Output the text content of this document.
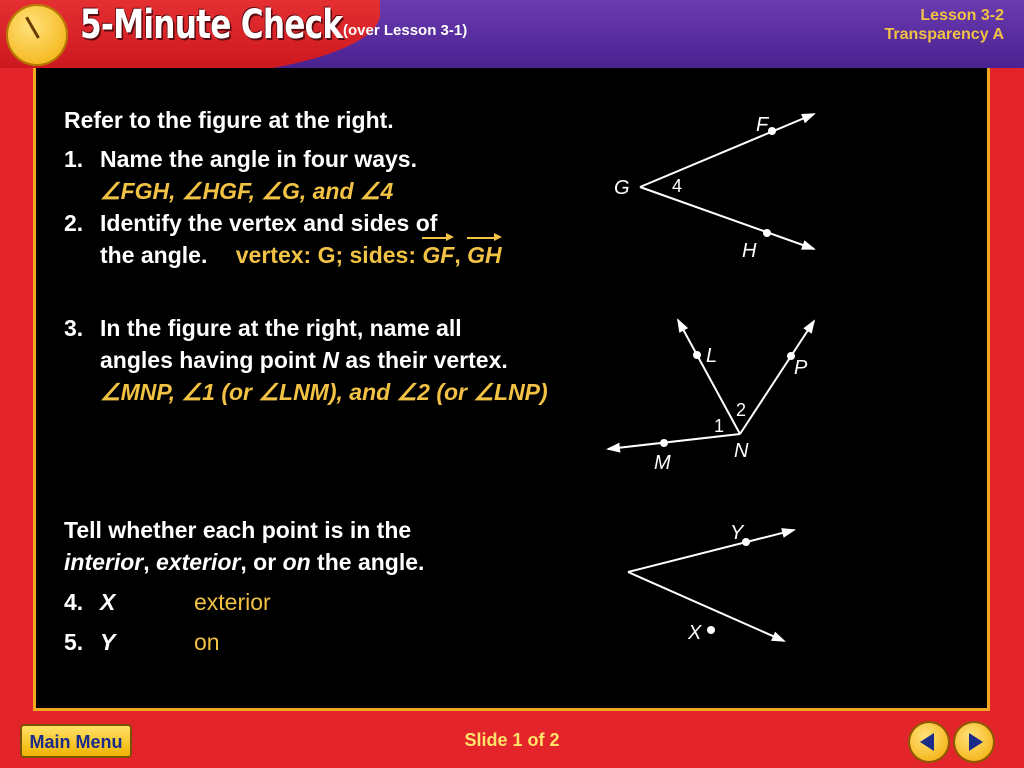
5-Minute Check (over Lesson 3-1)
Lesson 3-2
Transparency A
Refer to the figure at the right.
1. Name the angle in four ways.
∠FGH, ∠HGF, ∠G, and ∠4
2. Identify the vertex and sides of
the angle. vertex: G; sides: GF, GH
3. In the figure at the right, name all
angles having point N as their vertex.
∠MNP, ∠1 (or ∠LNM), and ∠2 (or ∠LNP)
Tell whether each point is in the
interior, exterior, or on the angle.
4. X	exterior
5. Y	on
F
G 4
H
L
P
1
2
N
M
Y
X
Main Menu	Slide 1 of 2
